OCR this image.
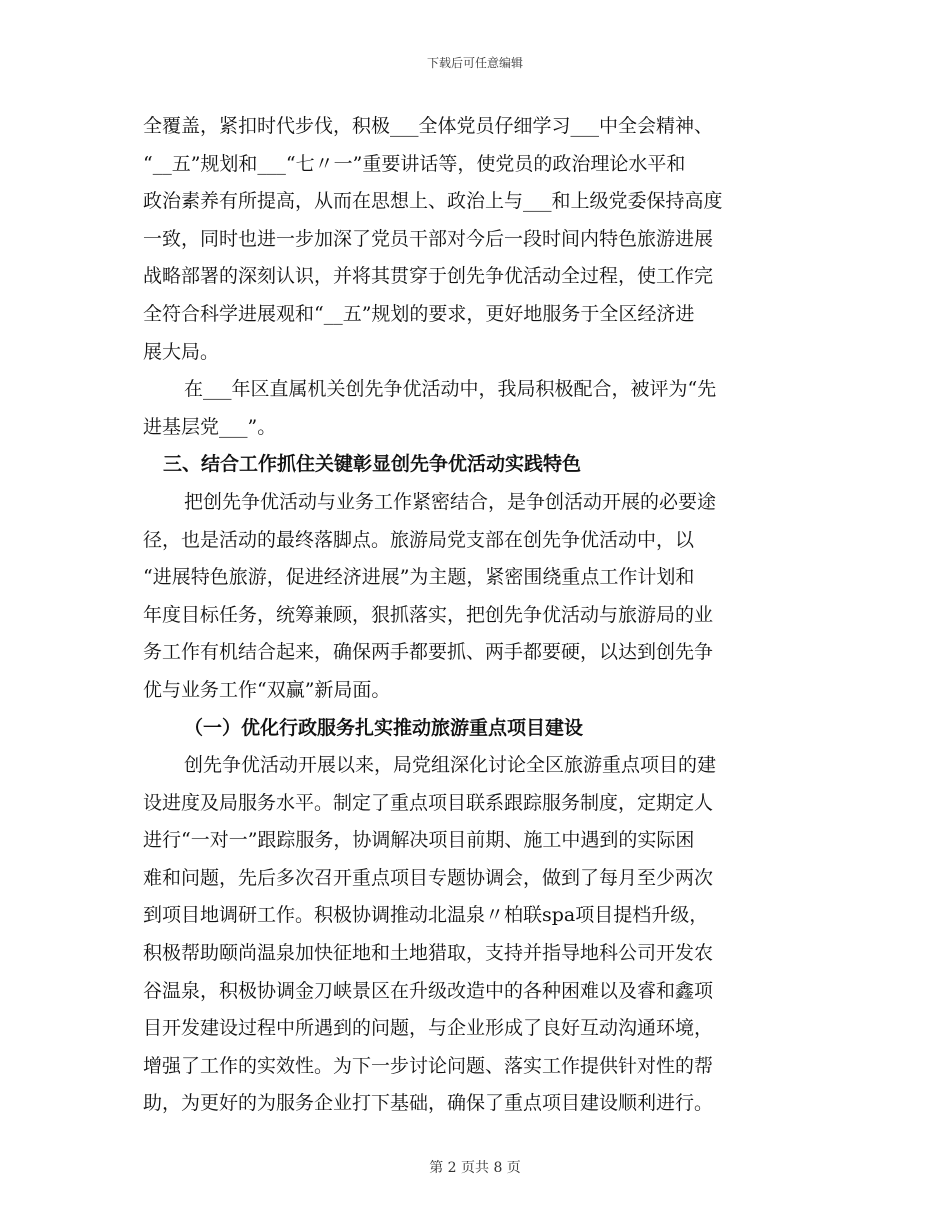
下载后可任意编辑
全覆盖，紧扣时代步伐，积极___全体党员仔细学习___中全会精神、
“__五”规划和___“七〃一”重要讲话等，使党员的政治理论水平和
政治素养有所提高，从而在思想上、政治上与___和上级党委保持高度
一致，同时也进一步加深了党员干部对今后一段时间内特色旅游进展
战略部署的深刻认识，并将其贯穿于创先争优活动全过程，使工作完
全符合科学进展观和“__五”规划的要求，更好地服务于全区经济进
展大局。
在___年区直属机关创先争优活动中，我局积极配合，被评为“先
进基层党___”。
三、结合工作抓住关键彰显创先争优活动实践特色
把创先争优活动与业务工作紧密结合，是争创活动开展的必要途
径，也是活动的最终落脚点。旅游局党支部在创先争优活动中，以
“进展特色旅游，促进经济进展”为主题，紧密围绕重点工作计划和
年度目标任务，统筹兼顾，狠抓落实，把创先争优活动与旅游局的业
务工作有机结合起来，确保两手都要抓、两手都要硬，以达到创先争
优与业务工作“双赢”新局面。
（一）优化行政服务扎实推动旅游重点项目建设
创先争优活动开展以来，局党组深化讨论全区旅游重点项目的建
设进度及局服务水平。制定了重点项目联系跟踪服务制度，定期定人
进行“一对一”跟踪服务，协调解决项目前期、施工中遇到的实际困
难和问题，先后多次召开重点项目专题协调会，做到了每月至少两次
到项目地调研工作。积极协调推动北温泉〃柏联spa项目提档升级，
积极帮助颐尚温泉加快征地和土地猎取，支持并指导地科公司开发农
谷温泉，积极协调金刀峡景区在升级改造中的各种困难以及睿和鑫项
目开发建设过程中所遇到的问题，与企业形成了良好互动沟通环境，
增强了工作的实效性。为下一步讨论问题、落实工作提供针对性的帮
助，为更好的为服务企业打下基础，确保了重点项目建设顺利进行。
第 2 页共 8 页
